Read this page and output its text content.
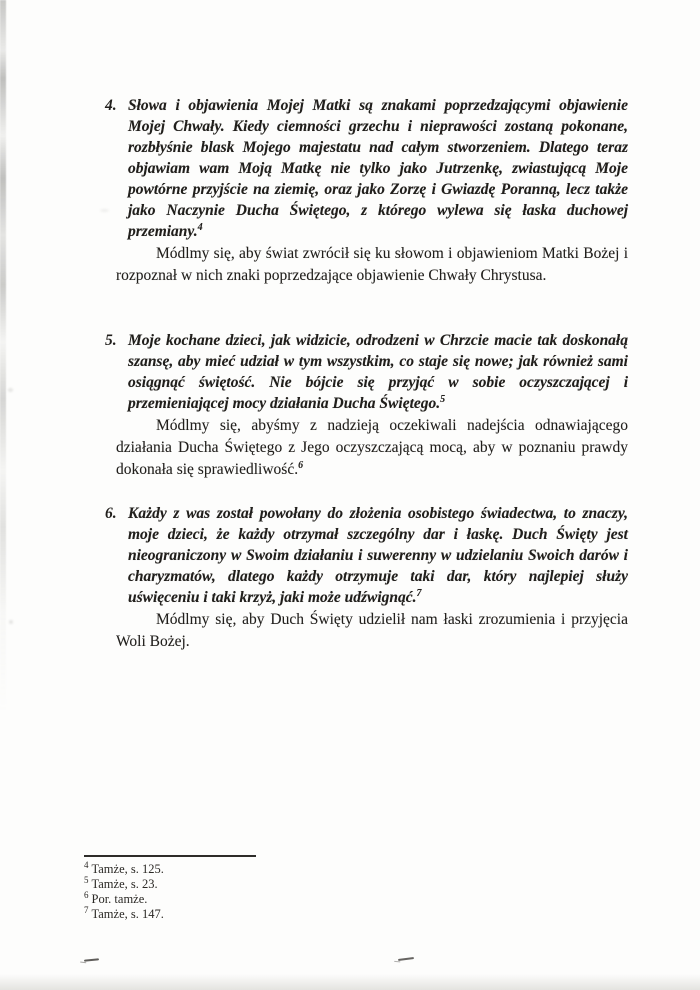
4. Słowa i objawienia Mojej Matki są znakami poprzedzającymi objawienie Mojej Chwały. Kiedy ciemności grzechu i nieprawości zostaną pokonane, rozbłyśnie blask Mojego majestatu nad całym stworzeniem. Dlatego teraz objawiam wam Moją Matkę nie tylko jako Jutrzenkę, zwiastującą Moje powtórne przyjście na ziemię, oraz jako Zorzę i Gwiazdę Poranną, lecz także jako Naczynie Ducha Świętego, z którego wylewa się łaska duchowej przemiany.$^4$

Módlmy się, aby świat zwrócił się ku słowom i objawieniom Matki Bożej i rozpoznał w nich znaki poprzedzające objawienie Chwały Chrystusa.

5. Moje kochane dzieci, jak widzicie, odrodzeni w Chrzcie macie tak doskonałą szansę, aby mieć udział w tym wszystkim, co staje się nowe; jak również sami osiągnąć świętość. Nie bójcie się przyjąć w sobie oczyszczającej i przemieniającej mocy działania Ducha Świętego.$^5$

Módlmy się, abyśmy z nadzieją oczekiwali nadejścia odnawiającego działania Ducha Świętego z Jego oczyszczającą mocą, aby w poznaniu prawdy dokonała się sprawiedliwość.$^6$

6. Każdy z was został powołany do złożenia osobistego świadectwa, to znaczy, moje dzieci, że każdy otrzymał szczególny dar i łaskę. Duch Święty jest nieograniczony w Swoim działaniu i suwerenny w udzielaniu Swoich darów i charyzmatów, dlatego każdy otrzymuje taki dar, który najlepiej służy uświęceniu i taki krzyż, jaki może udźwignąć.$^7$

Módlmy się, aby Duch Święty udzielił nam łaski zrozumienia i przyjęcia Woli Bożej.

$^4$ Tamże, s. 125.
$^5$ Tamże, s. 23.
$^6$ Por. tamże.
$^7$ Tamże, s. 147.
